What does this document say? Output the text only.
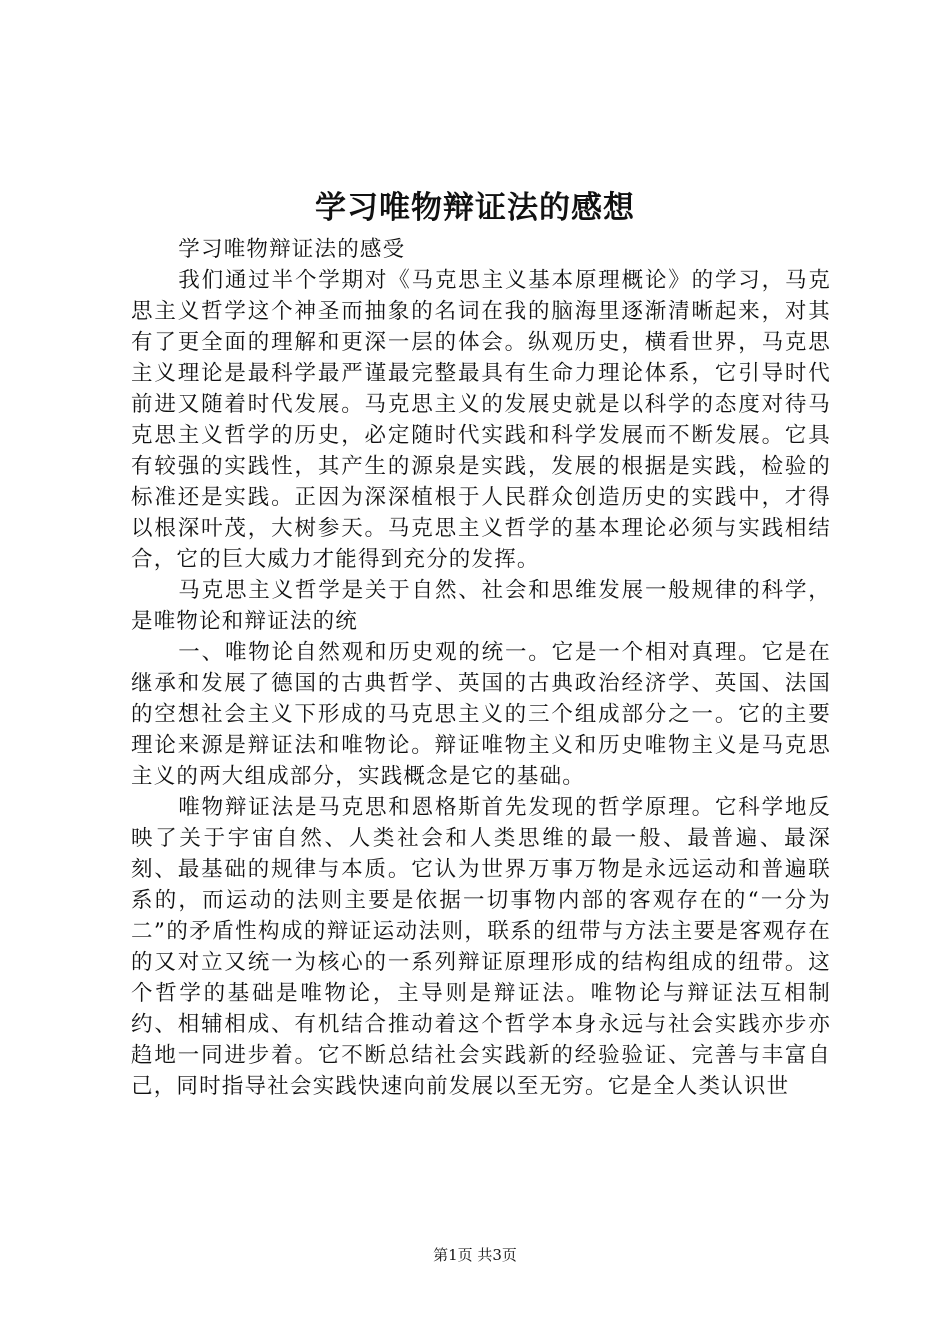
学习唯物辩证法的感想

学习唯物辩证法的感受

我们通过半个学期对《马克思主义基本原理概论》的学习，马克思主义哲学这个神圣而抽象的名词在我的脑海里逐渐清晰起来，对其有了更全面的理解和更深一层的体会。纵观历史，横看世界，马克思主义理论是最科学最严谨最完整最具有生命力理论体系，它引导时代前进又随着时代发展。马克思主义的发展史就是以科学的态度对待马克思主义哲学的历史，必定随时代实践和科学发展而不断发展。它具有较强的实践性，其产生的源泉是实践，发展的根据是实践，检验的标准还是实践。正因为深深植根于人民群众创造历史的实践中，才得以根深叶茂，大树参天。马克思主义哲学的基本理论必须与实践相结合，它的巨大威力才能得到充分的发挥。

马克思主义哲学是关于自然、社会和思维发展一般规律的科学，是唯物论和辩证法的统

一、唯物论自然观和历史观的统一。它是一个相对真理。它是在继承和发展了德国的古典哲学、英国的古典政治经济学、英国、法国的空想社会主义下形成的马克思主义的三个组成部分之一。它的主要理论来源是辩证法和唯物论。辩证唯物主义和历史唯物主义是马克思主义的两大组成部分，实践概念是它的基础。

唯物辩证法是马克思和恩格斯首先发现的哲学原理。它科学地反映了关于宇宙自然、人类社会和人类思维的最一般、最普遍、最深刻、最基础的规律与本质。它认为世界万事万物是永远运动和普遍联系的，而运动的法则主要是依据一切事物内部的客观存在的“一分为二”的矛盾性构成的辩证运动法则，联系的纽带与方法主要是客观存在的又对立又统一为核心的一系列辩证原理形成的结构组成的纽带。这个哲学的基础是唯物论，主导则是辩证法。唯物论与辩证法互相制约、相辅相成、有机结合推动着这个哲学本身永远与社会实践亦步亦趋地一同进步着。它不断总结社会实践新的经验验证、完善与丰富自己，同时指导社会实践快速向前发展以至无穷。它是全人类认识世

第1页 共3页
